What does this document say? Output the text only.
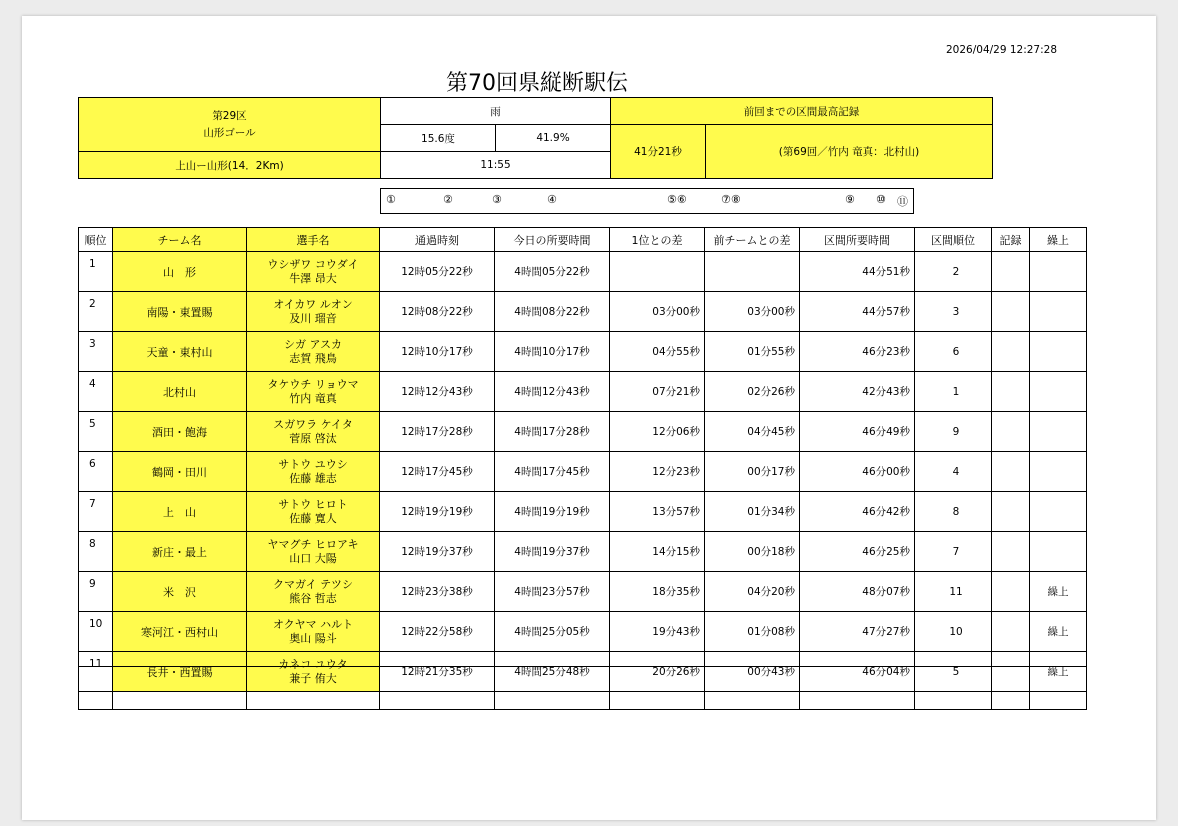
2026/04/29 12:27:28
第70回県縦断駅伝
第29区
山形ゴール	雨		前回までの区間最高記録	
	15.6度	41.9%	41分21秒	(第69回／竹内 竜真：北村山)
上山ー山形(14．2Km)	11:55			
①	②	③	④	⑤⑥	⑦⑧	⑨ ⑩ ⑪
順位	チーム名	選手名	通過時刻	今日の所要時間	1位との差	前チームとの差	区間所要時間	区間順位	記録	繰上
1	山　形	ウシザワ コウダイ
牛澤 昂大	12時05分22秒	4時間05分22秒			44分51秒	2		
2	南陽・東置賜	オイカワ ルオン
及川 瑠音	12時08分22秒	4時間08分22秒	03分00秒	03分00秒	44分57秒	3		
3	天童・東村山	シガ アスカ
志賀 飛鳥	12時10分17秒	4時間10分17秒	04分55秒	01分55秒	46分23秒	6		
4	北村山	タケウチ リョウマ
竹内 竜真	12時12分43秒	4時間12分43秒	07分21秒	02分26秒	42分43秒	1		
5	酒田・飽海	スガワラ ケイタ
菅原 啓汰	12時17分28秒	4時間17分28秒	12分06秒	04分45秒	46分49秒	9		
6	鶴岡・田川	サトウ ユウシ
佐藤 雄志	12時17分45秒	4時間17分45秒	12分23秒	00分17秒	46分00秒	4		
7	上　山	サトウ ヒロト
佐藤 寛人	12時19分19秒	4時間19分19秒	13分57秒	01分34秒	46分42秒	8		
8	新庄・最上	ヤマグチ ヒロアキ
山口 大陽	12時19分37秒	4時間19分37秒	14分15秒	00分18秒	46分25秒	7		
9	米　沢	クマガイ テツシ
熊谷 哲志	12時23分38秒	4時間23分57秒	18分35秒	04分20秒	48分07秒	11		繰上
10	寒河江・西村山	オクヤマ ハルト
奥山 陽斗	12時22分58秒	4時間25分05秒	19分43秒	01分08秒	47分27秒	10		繰上
11	長井・西置賜	カネコ ユウタ
兼子 侑大	12時21分35秒	4時間25分48秒	20分26秒	00分43秒	46分04秒	5		繰上
